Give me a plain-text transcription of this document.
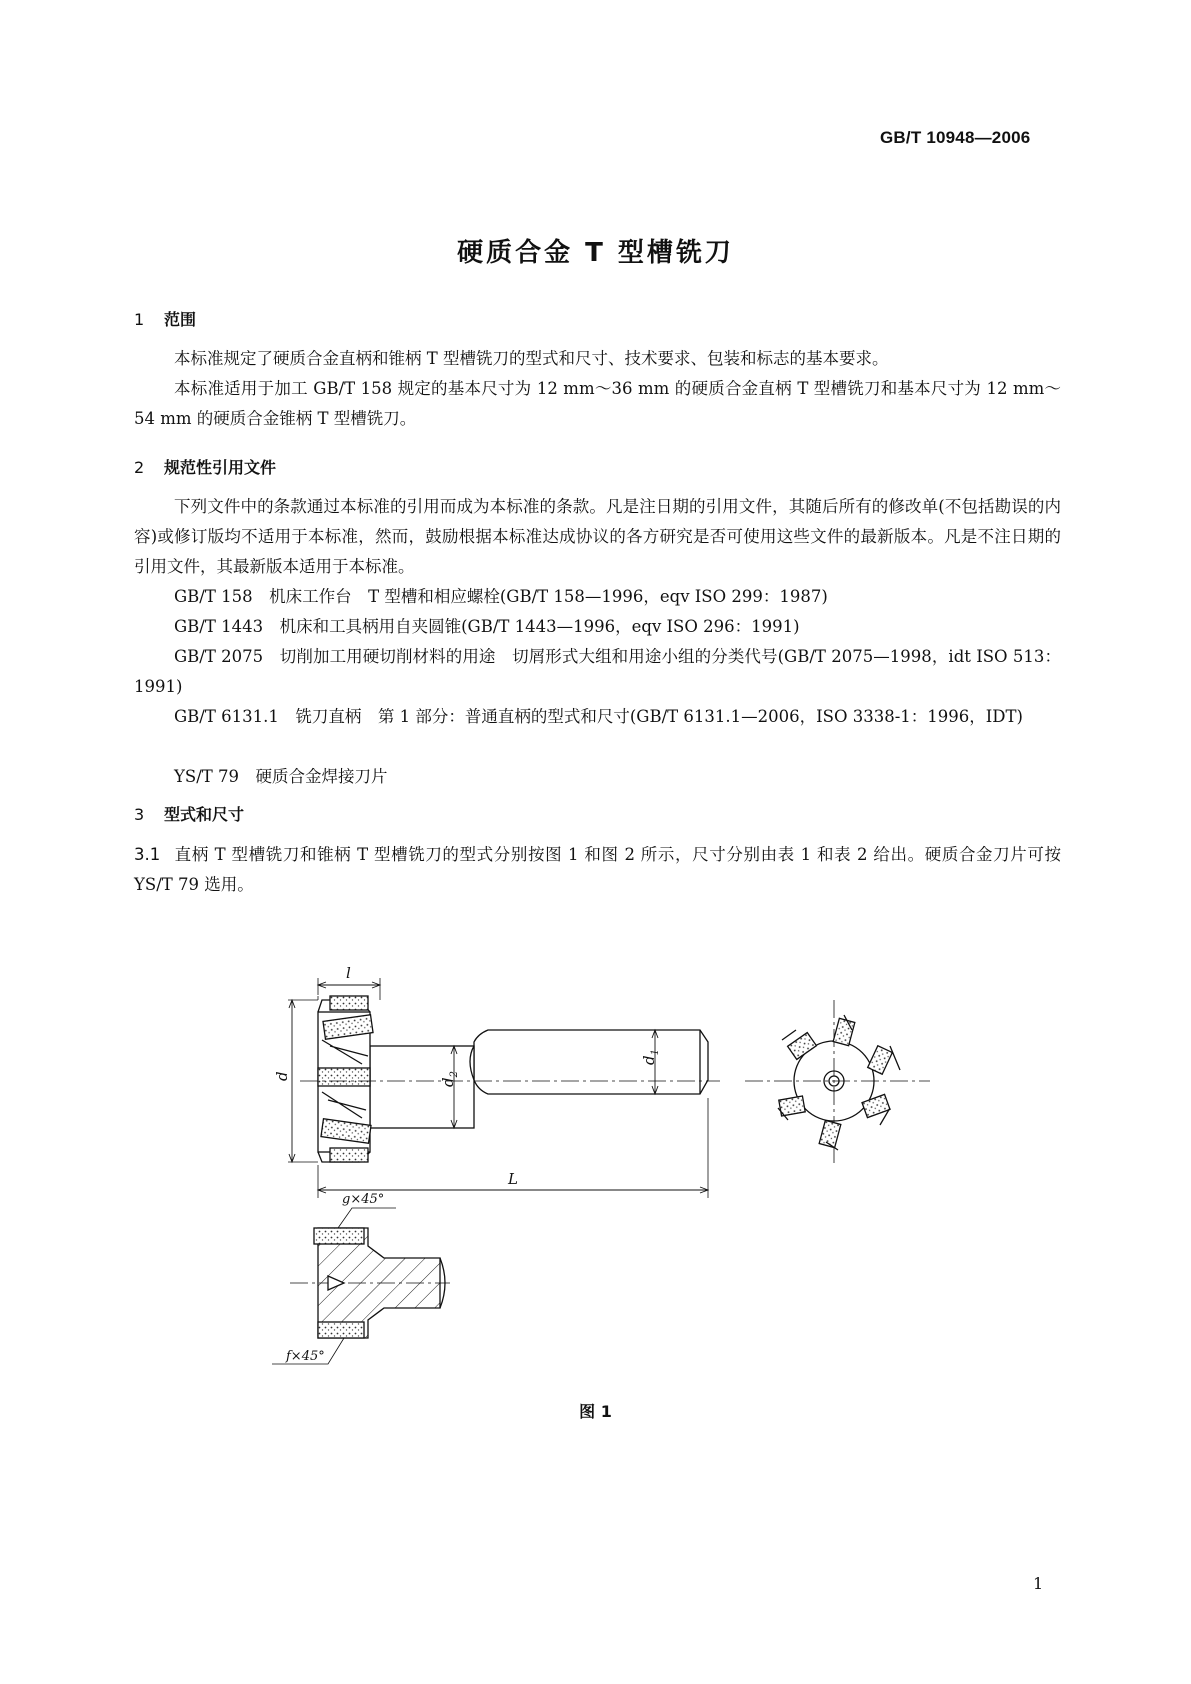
GB/T 10948—2006
硬质合金 T 型槽铣刀
1 范围
本标准规定了硬质合金直柄和锥柄 T 型槽铣刀的型式和尺寸、技术要求、包装和标志的基本要求。
本标准适用于加工 GB/T 158 规定的基本尺寸为 12 mm～36 mm 的硬质合金直柄 T 型槽铣刀和基本尺寸为 12 mm～54 mm 的硬质合金锥柄 T 型槽铣刀。
2 规范性引用文件
下列文件中的条款通过本标准的引用而成为本标准的条款。凡是注日期的引用文件，其随后所有的修改单(不包括勘误的内容)或修订版均不适用于本标准，然而，鼓励根据本标准达成协议的各方研究是否可使用这些文件的最新版本。凡是不注日期的引用文件，其最新版本适用于本标准。
GB/T 158　 机床工作台　T 型槽和相应螺栓(GB/T 158—1996，eqv ISO 299：1987)
GB/T 1443　 机床和工具柄用自夹圆锥(GB/T 1443—1996，eqv ISO 296：1991)
GB/T 2075　 切削加工用硬切削材料的用途　切屑形式大组和用途小组的分类代号(GB/T 2075—1998，idt ISO 513：1991)
GB/T 6131.1　 铣刀直柄　第 1 部分：普通直柄的型式和尺寸(GB/T 6131.1—2006，ISO 3338-1：1996，IDT)
YS/T 79　 硬质合金焊接刀片
3 型式和尺寸
3.1 直柄 T 型槽铣刀和锥柄 T 型槽铣刀的型式分别按图 1 和图 2 所示，尺寸分别由表 1 和表 2 给出。硬质合金刀片可按 YS/T 79 选用。
l
d
$d_2$
$d_1$
L
g×45°
f×45°
图 1
1
